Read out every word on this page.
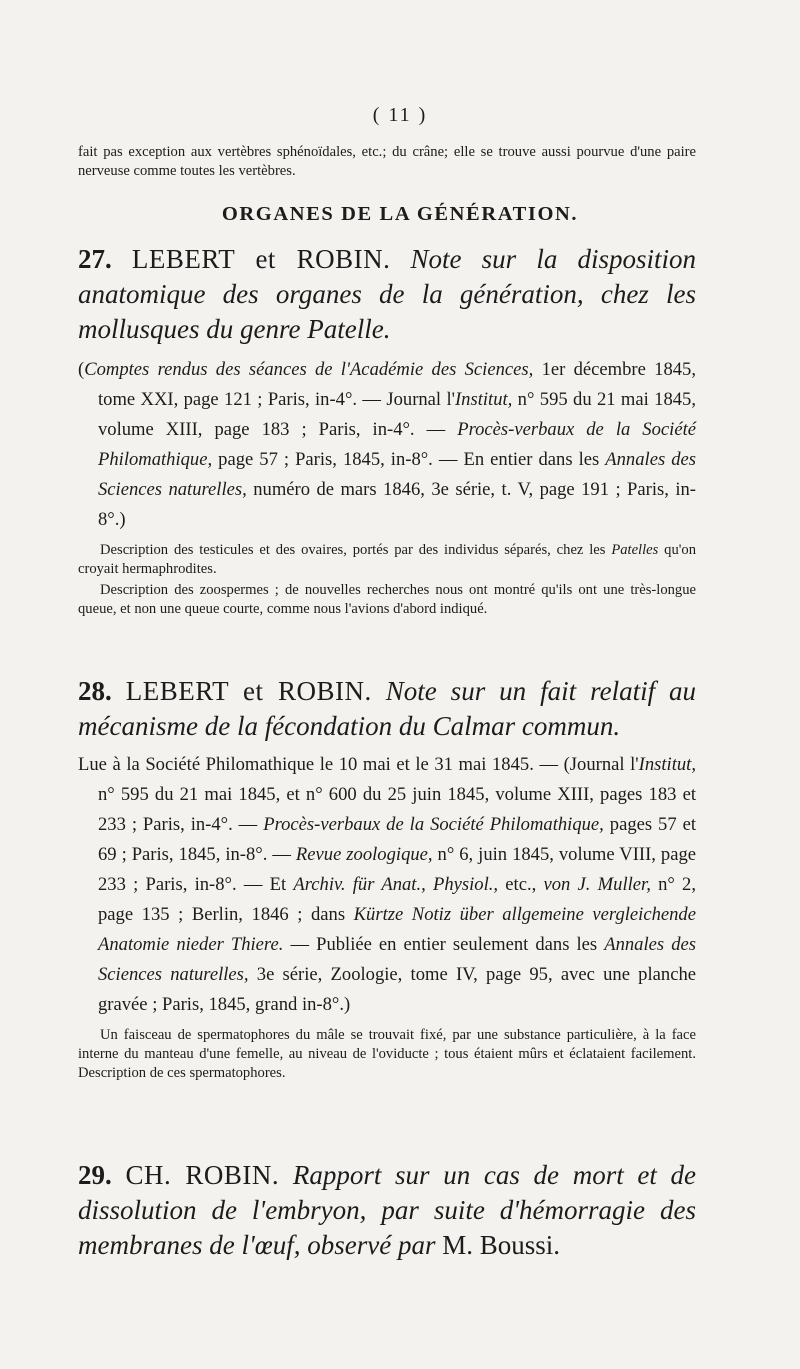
( 11 )
fait pas exception aux vertèbres sphénoïdales, etc.; du crâne; elle se trouve aussi pourvue d'une paire nerveuse comme toutes les vertèbres.
ORGANES DE LA GÉNÉRATION.
27. LEBERT et ROBIN. Note sur la disposition anatomique des organes de la génération, chez les mollusques du genre Patelle.
(Comptes rendus des séances de l'Académie des Sciences, 1er décembre 1845, tome XXI, page 121 ; Paris, in-4°. — Journal l'Institut, n° 595 du 21 mai 1845, volume XIII, page 183 ; Paris, in-4°. — Procès-verbaux de la Société Philomathique, page 57 ; Paris, 1845, in-8°. — En entier dans les Annales des Sciences naturelles, numéro de mars 1846, 3e série, t. V, page 191 ; Paris, in-8°.)
Description des testicules et des ovaires, portés par des individus séparés, chez les Patelles qu'on croyait hermaphrodites.
Description des zoospermes ; de nouvelles recherches nous ont montré qu'ils ont une très-longue queue, et non une queue courte, comme nous l'avions d'abord indiqué.
28. LEBERT et ROBIN. Note sur un fait relatif au mécanisme de la fécondation du Calmar commun.
Lue à la Société Philomathique le 10 mai et le 31 mai 1845. — (Journal l'Institut, n° 595 du 21 mai 1845, et n° 600 du 25 juin 1845, volume XIII, pages 183 et 233 ; Paris, in-4°. — Procès-verbaux de la Société Philomathique, pages 57 et 69 ; Paris, 1845, in-8°. — Revue zoologique, n° 6, juin 1845, volume VIII, page 233 ; Paris, in-8°. — Et Archiv. für Anat., Physiol., etc., von J. Muller, n° 2, page 135 ; Berlin, 1846 ; dans Kürtze Notiz über allgemeine vergleichende Anatomie nieder Thiere. — Publiée en entier seulement dans les Annales des Sciences naturelles, 3e série, Zoologie, tome IV, page 95, avec une planche gravée ; Paris, 1845, grand in-8°.)
Un faisceau de spermatophores du mâle se trouvait fixé, par une substance particulière, à la face interne du manteau d'une femelle, au niveau de l'oviducte ; tous étaient mûrs et éclataient facilement. Description de ces spermatophores.
29. CH. ROBIN. Rapport sur un cas de mort et de dissolution de l'embryon, par suite d'hémorragie des membranes de l'œuf, observé par M. Boussi.
